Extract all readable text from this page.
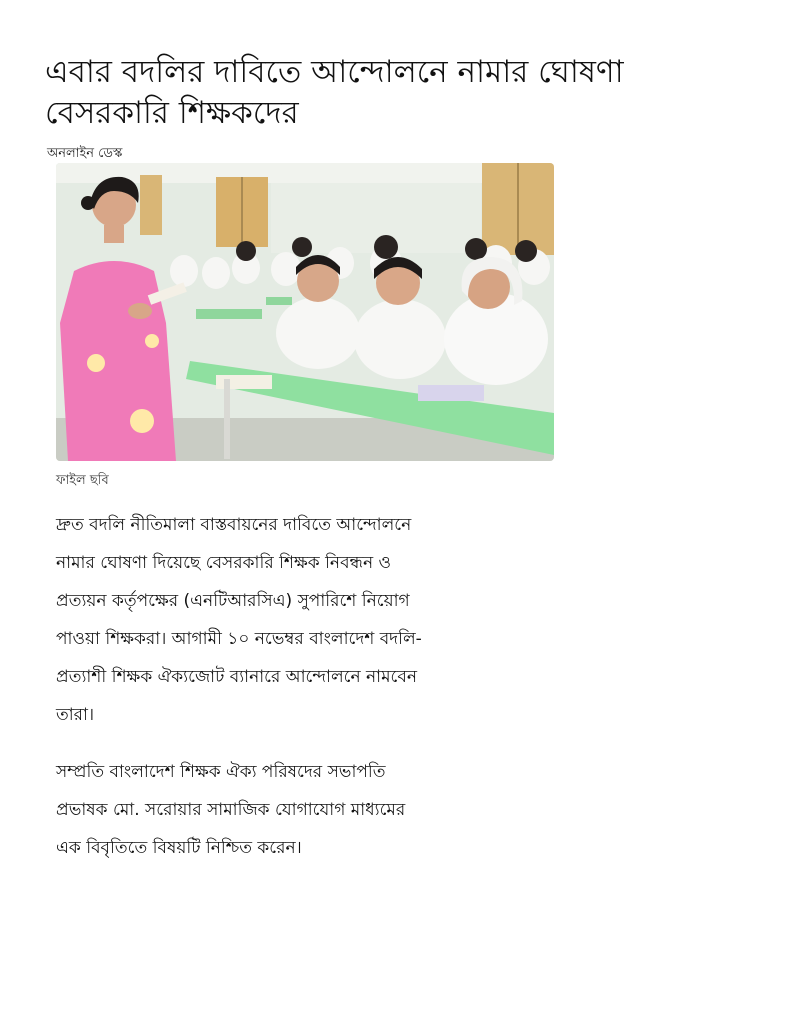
এবার বদলির দাবিতে আন্দোলনে নামার ঘোষণা
বেসরকারি শিক্ষকদের
অনলাইন ডেস্ক
ফাইল ছবি

দ্রুত বদলি নীতিমালা বাস্তবায়নের দাবিতে আন্দোলনে নামার ঘোষণা দিয়েছে বেসরকারি শিক্ষক নিবন্ধন ও প্রত্যয়ন কর্তৃপক্ষের (এনটিআরসিএ) সুপারিশে নিয়োগ পাওয়া শিক্ষকরা। আগামী ১০ নভেম্বর বাংলাদেশ বদলি-প্রত্যাশী শিক্ষক ঐক্যজোট ব্যানারে আন্দোলনে নামবেন তারা।

সম্প্রতি বাংলাদেশ শিক্ষক ঐক্য পরিষদের সভাপতি প্রভাষক মো. সরোয়ার সামাজিক যোগাযোগ মাধ্যমের এক বিবৃতিতে বিষয়টি নিশ্চিত করেন।
